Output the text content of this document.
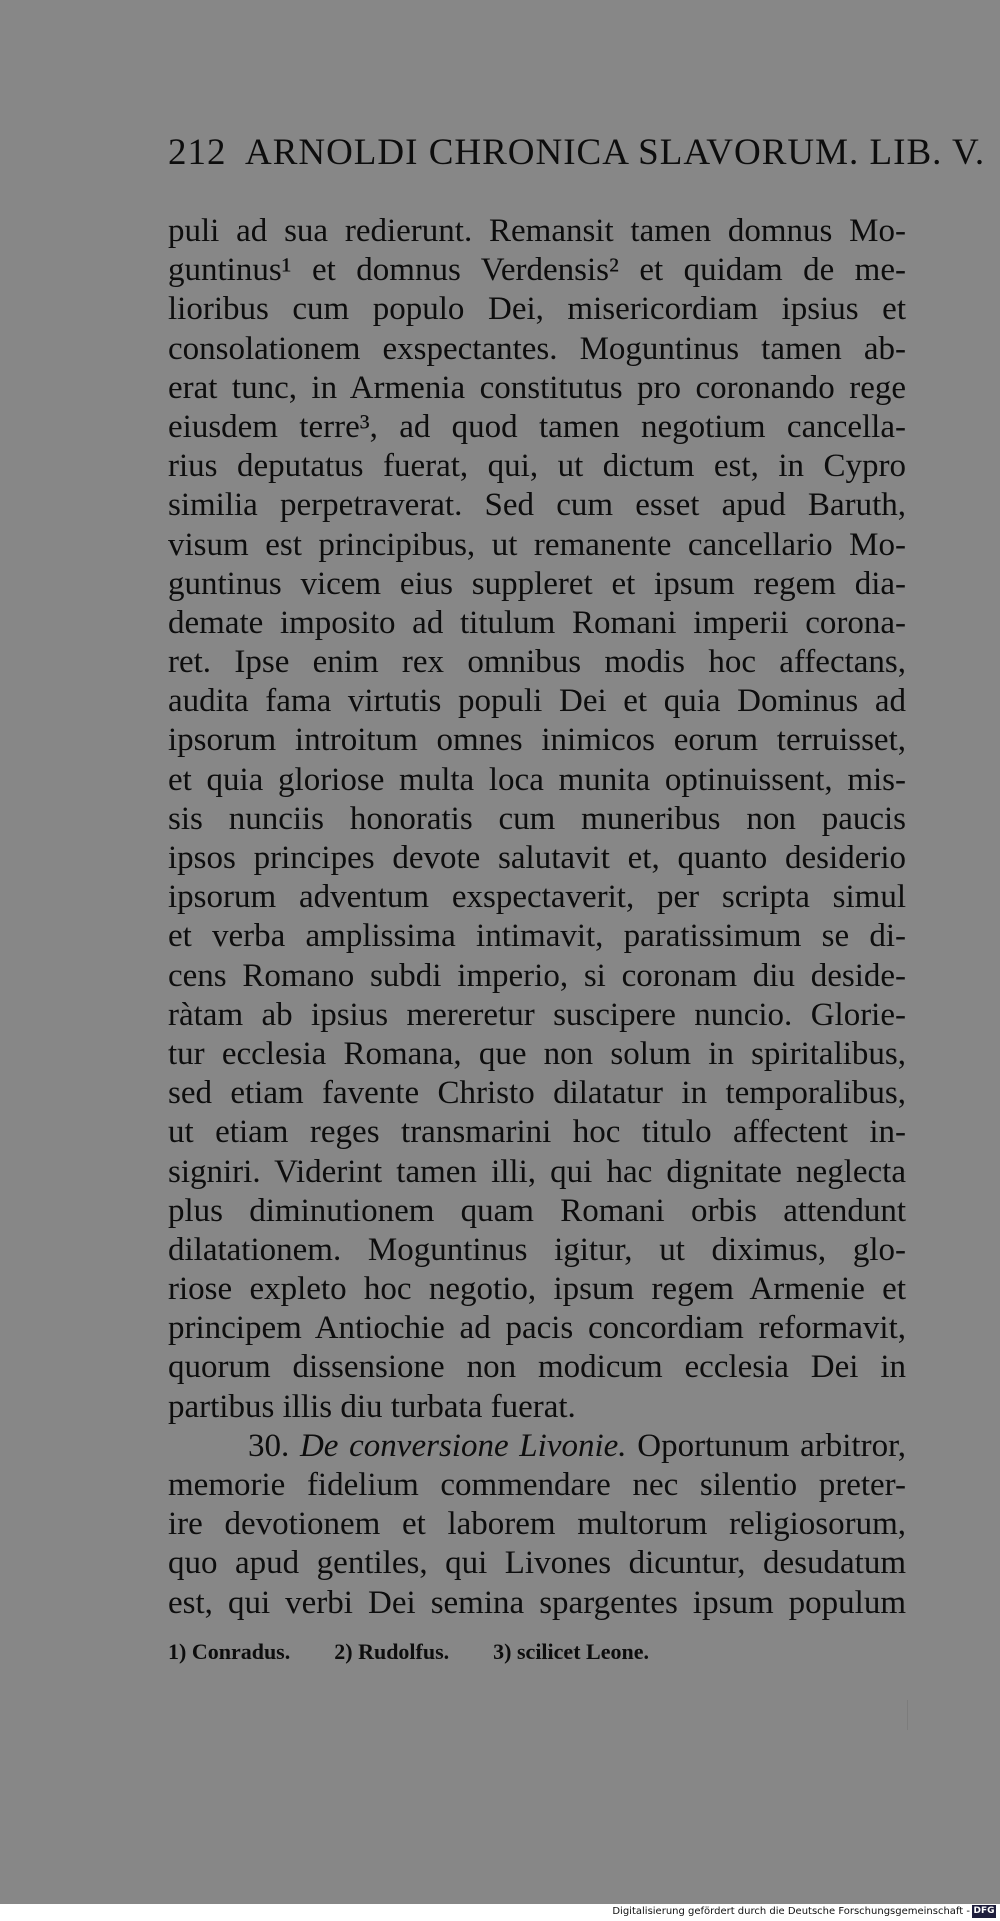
212 ARNOLDI CHRONICA SLAVORUM. LIB. V.
puli ad sua redierunt. Remansit tamen domnus Mo-
guntinus¹ et domnus Verdensis² et quidam de me-
lioribus cum populo Dei, misericordiam ipsius et
consolationem exspectantes. Moguntinus tamen ab-
erat tunc, in Armenia constitutus pro coronando rege
eiusdem terre³, ad quod tamen negotium cancella-
rius deputatus fuerat, qui, ut dictum est, in Cypro
similia perpetraverat. Sed cum esset apud Baruth,
visum est principibus, ut remanente cancellario Mo-
guntinus vicem eius suppleret et ipsum regem dia-
demate imposito ad titulum Romani imperii corona-
ret. Ipse enim rex omnibus modis hoc affectans,
audita fama virtutis populi Dei et quia Dominus ad
ipsorum introitum omnes inimicos eorum terruisset,
et quia gloriose multa loca munita optinuissent, mis-
sis nunciis honoratis cum muneribus non paucis
ipsos principes devote salutavit et, quanto desiderio
ipsorum adventum exspectaverit, per scripta simul
et verba amplissima intimavit, paratissimum se di-
cens Romano subdi imperio, si coronam diu deside-
ràtam ab ipsius mereretur suscipere nuncio. Glorie-
tur ecclesia Romana, que non solum in spiritalibus,
sed etiam favente Christo dilatatur in temporalibus,
ut etiam reges transmarini hoc titulo affectent in-
signiri. Viderint tamen illi, qui hac dignitate neglecta
plus diminutionem quam Romani orbis attendunt
dilatationem. Moguntinus igitur, ut diximus, glo-
riose expleto hoc negotio, ipsum regem Armenie et
principem Antiochie ad pacis concordiam reformavit,
quorum dissensione non modicum ecclesia Dei in
partibus illis diu turbata fuerat.
30. De conversione Livonie. Oportunum arbitror,
memorie fidelium commendare nec silentio preter-
ire devotionem et laborem multorum religiosorum,
quo apud gentiles, qui Livones dicuntur, desudatum
est, qui verbi Dei semina spargentes ipsum populum
1) Conradus. 2) Rudolfus. 3) scilicet Leone.
Digitalisierung gefördert durch die Deutsche Forschungsgemeinschaft - DFG
